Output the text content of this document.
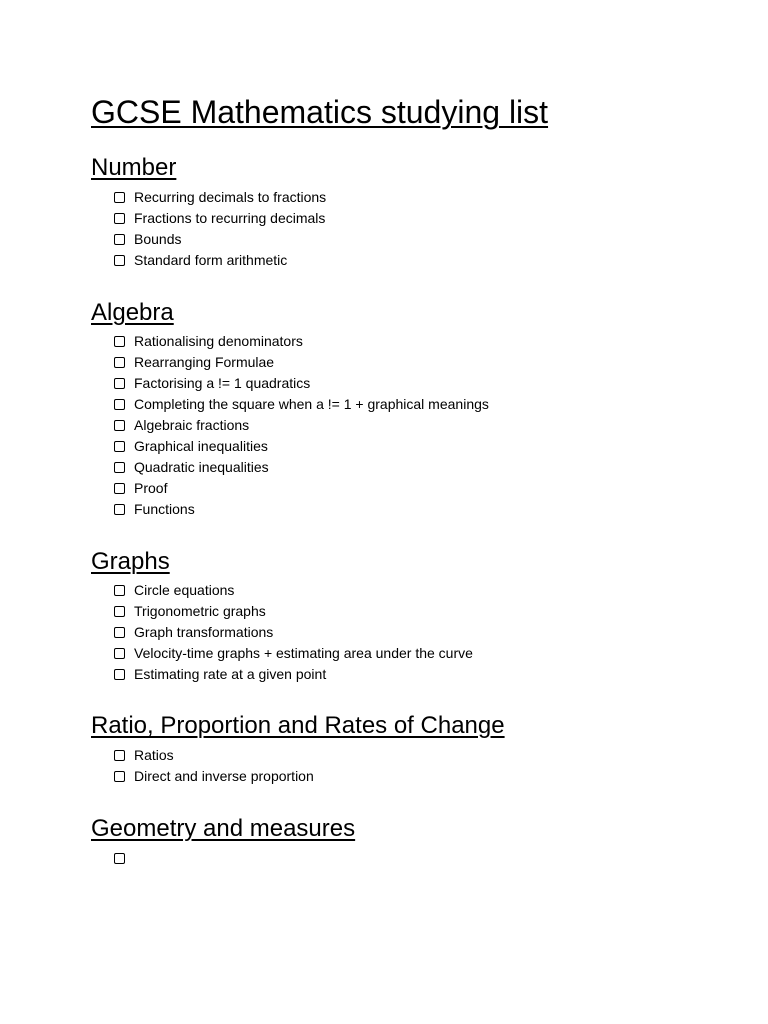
GCSE Mathematics studying list
Number
Recurring decimals to fractions
Fractions to recurring decimals
Bounds
Standard form arithmetic
Algebra
Rationalising denominators
Rearranging Formulae
Factorising a != 1 quadratics
Completing the square when a != 1 + graphical meanings
Algebraic fractions
Graphical inequalities
Quadratic inequalities
Proof
Functions
Graphs
Circle equations
Trigonometric graphs
Graph transformations
Velocity-time graphs + estimating area under the curve
Estimating rate at a given point
Ratio, Proportion and Rates of Change
Ratios
Direct and inverse proportion
Geometry and measures
